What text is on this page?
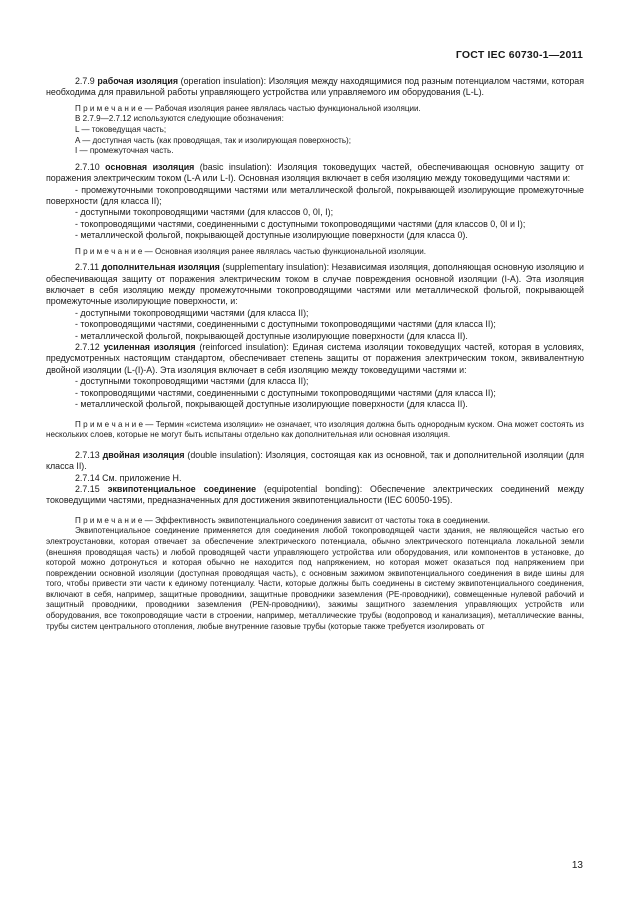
ГОСТ IEC 60730-1—2011

2.7.9 рабочая изоляция (operation insulation): Изоляция между находящимися под разным потенциалом частями, которая необходима для правильной работы управляющего устройства или управляемого им оборудования (L-L).

П р и м е ч а н и е — Рабочая изоляция ранее являлась частью функциональной изоляции.

В 2.7.9—2.7.12 используются следующие обозначения:

L — токоведущая часть;

A — доступная часть (как проводящая, так и изолирующая поверхность);

I — промежуточная часть.

2.7.10 основная изоляция (basic insulation): Изоляция токоведущих частей, обеспечивающая основную защиту от поражения электрическим током (L-A или L-I). Основная изоляция включает в себя изоляцию между токоведущими частями и:

- промежуточными токопроводящими частями или металлической фольгой, покрывающей изолирующие промежуточные поверхности (для класса II);

- доступными токопроводящими частями (для классов 0, 0I, I);

- токопроводящими частями, соединенными с доступными токопроводящими частями (для классов 0, 0I и I);

- металлической фольгой, покрывающей доступные изолирующие поверхности (для класса 0).

П р и м е ч а н и е — Основная изоляция ранее являлась частью функциональной изоляции.

2.7.11 дополнительная изоляция (supplementary insulation): Независимая изоляция, дополняющая основную изоляцию и обеспечивающая защиту от поражения электрическим током в случае повреждения основной изоляции (I-A). Эта изоляция включает в себя изоляцию между промежуточными токопроводящими частями или металлической фольгой, покрывающей промежуточные изолирующие поверхности, и:

- доступными токопроводящими частями (для класса II);

- токопроводящими частями, соединенными с доступными токопроводящими частями (для класса II);

- металлической фольгой, покрывающей доступные изолирующие поверхности (для класса II).

2.7.12 усиленная изоляция (reinforced insulation): Единая система изоляции токоведущих частей, которая в условиях, предусмотренных настоящим стандартом, обеспечивает степень защиты от поражения электрическим током, эквивалентную двойной изоляции (L-(I)-A). Эта изоляция включает в себя изоляцию между токоведущими частями и:

- доступными токопроводящими частями (для класса II);

- токопроводящими частями, соединенными с доступными токопроводящими частями (для класса II);

- металлической фольгой, покрывающей доступные изолирующие поверхности (для класса II).

П р и м е ч а н и е — Термин «система изоляции» не означает, что изоляция должна быть однородным куском. Она может состоять из нескольких слоев, которые не могут быть испытаны отдельно как дополнительная или основная изоляция.

2.7.13 двойная изоляция (double insulation): Изоляция, состоящая как из основной, так и дополнительной изоляции (для класса II).

2.7.14 См. приложение H.

2.7.15 эквипотенциальное соединение (equipotential bonding): Обеспечение электрических соединений между токоведущими частями, предназначенных для достижения эквипотенциальности (IEC 60050-195).

П р и м е ч а н и е — Эффективность эквипотенциального соединения зависит от частоты тока в соединении.

Эквипотенциальное соединение применяется для соединения любой токопроводящей части здания, не являющейся частью его электроустановки, которая отвечает за обеспечение электрического потенциала, обычно электрического потенциала локальной земли (внешняя проводящая часть) и любой проводящей части управляющего устройства или оборудования, или компонентов в установке, до которой можно дотронуться и которая обычно не находится под напряжением, но которая может оказаться под напряжением при повреждении основной изоляции (доступная проводящая часть), с основным зажимом эквипотенциального соединения в виде шины для того, чтобы привести эти части к единому потенциалу. Части, которые должны быть соединены в систему эквипотенциального соединения, включают в себя, например, защитные проводники, защитные проводники заземления (PE-проводники), совмещенные нулевой рабочий и защитный проводники, проводники заземления (PEN-проводники), зажимы защитного заземления управляющих устройств или оборудования, все токопроводящие части в строении, например, металлические трубы (водопровод и канализация), металлические ванны, трубы систем центрального отопления, любые внутренние газовые трубы (которые также требуется изолировать от

13
